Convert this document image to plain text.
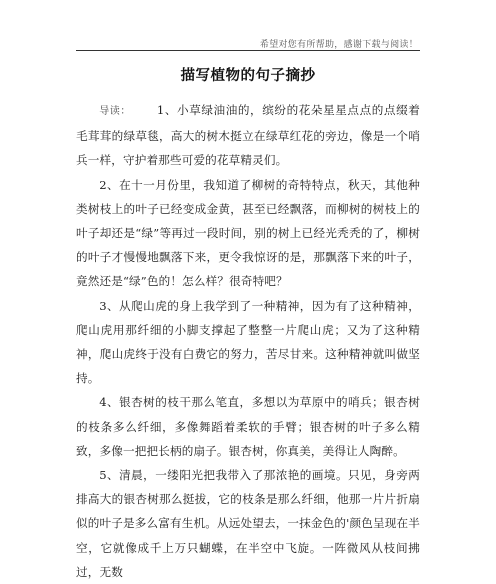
希望对您有所帮助，感谢下载与阅读！
描写植物的句子摘抄

导读： 1、小草绿油油的，缤纷的花朵星星点点的点缀着毛茸茸的绿草毯，高大的树木挺立在绿草红花的旁边，像是一个哨兵一样，守护着那些可爱的花草精灵们。

2、在十一月份里，我知道了柳树的奇特特点，秋天，其他种类树枝上的叶子已经变成金黄，甚至已经飘落，而柳树的树枝上的叶子却还是“绿”等再过一段时间，别的树上已经光秃秃的了，柳树的叶子才慢慢地飘落下来，更令我惊讶的是，那飘落下来的叶子，竟然还是“绿”色的！怎么样？很奇特吧？

3、从爬山虎的身上我学到了一种精神，因为有了这种精神，爬山虎用那纤细的小脚支撑起了整整一片爬山虎；又为了这种精神，爬山虎终于没有白费它的努力，苦尽甘来。这种精神就叫做坚持。

4、银杏树的枝干那么笔直，多想以为草原中的哨兵；银杏树的枝条多么纤细，多像舞蹈着柔软的手臂；银杏树的叶子多么精致，多像一把把长柄的扇子。银杏树，你真美，美得让人陶醉。

5、清晨，一缕阳光把我带入了那浓艳的画境。只见，身旁两排高大的银杏树那么挺拔，它的枝条是那么纤细，他那一片片折扇似的叶子是多么富有生机。从远处望去，一抹金色的'颜色呈现在半空，它就像成千上万只蝴蝶，在半空中飞旋。一阵微风从枝间拂过，无数
